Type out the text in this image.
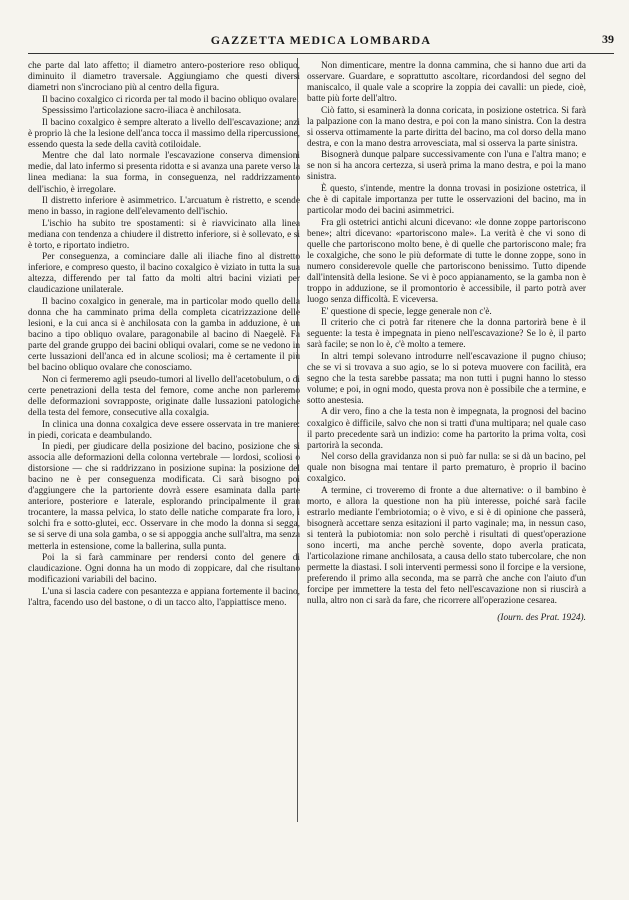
GAZZETTA MEDICA LOMBARDA	39

che parte dal lato affetto; il diametro antero-posteriore reso obliquo, diminuito il diametro traversale. Aggiungiamo che questi diversi diametri non s'incrociano più al centro della figura.

Il bacino coxalgico ci ricorda per tal modo il bacino obliquo ovalare.

Spessissimo l'articolazione sacro-iliaca è anchilosata.

Il bacino coxalgico è sempre alterato a livello dell'escavazione; anzi è proprio là che la lesione dell'anca tocca il massimo della ripercussione, essendo questa la sede della cavità cotiloidale.

Mentre che dal lato normale l'escavazione conserva dimensioni medie, dal lato infermo si presenta ridotta e si avanza una parete verso la linea mediana: la sua forma, in conseguenza, nel raddrizzamento dell'ischio, è irregolare.

Il distretto inferiore è asimmetrico. L'arcuatum è ristretto, e scende meno in basso, in ragione dell'elevamento dell'ischio.

L'ischio ha subito tre spostamenti: si è riavvicinato alla linea mediana con tendenza a chiudere il distretto inferiore, si è sollevato, e si è torto, e riportato indietro.

Per conseguenza, a cominciare dalle ali iliache fino al distretto inferiore, e compreso questo, il bacino coxalgico è viziato in tutta la sua altezza, differendo per tal fatto da molti altri bacini viziati per claudicazione unilaterale.

Il bacino coxalgico in generale, ma in particolar modo quello della donna che ha camminato prima della completa cicatrizzazione delle lesioni, e la cui anca si è anchilosata con la gamba in adduzione, è un bacino a tipo obliquo ovalare, paragonabile al bacino di Naegelè. Fa parte del grande gruppo dei bacini obliqui ovalari, come se ne vedono in certe lussazioni dell'anca ed in alcune scoliosi; ma è certamente il più bel bacino obliquo ovalare che conosciamo.

Non ci fermeremo agli pseudo-tumori al livello dell'acetobulum, o di certe penetrazioni della testa del femore, come anche non parleremo delle deformazioni sovrapposte, originate dalle lussazioni patologiche della testa del femore, consecutive alla coxalgia.

In clinica una donna coxalgica deve essere osservata in tre maniere: in piedi, coricata e deambulando.

In piedi, per giudicare della posizione del bacino, posizione che si associa alle deformazioni della colonna vertebrale — lordosi, scoliosi o distorsione — che si raddrizzano in posizione supina: la posizione del bacino ne è per conseguenza modificata. Ci sarà bisogno poi d'aggiungere che la partoriente dovrà essere esaminata dalla parte anteriore, posteriore e laterale, esplorando principalmente il gran trocantere, la massa pelvica, lo stato delle natiche comparate fra loro, i solchi fra e sotto-glutei, ecc. Osservare in che modo la donna si segga, se si serve di una sola gamba, o se si appoggia anche sull'altra, ma senza metterla in estensione, come la ballerina, sulla punta.

Poi la si farà camminare per rendersi conto del genere di claudicazione. Ogni donna ha un modo di zoppicare, dal che risultano modificazioni variabili del bacino.

L'una si lascia cadere con pesantezza e appiana fortemente il bacino, l'altra, facendo uso del bastone, o di un tacco alto, l'appiattisce meno.

Non dimenticare, mentre la donna cammina, che si hanno due arti da osservare. Guardare, e soprattutto ascoltare, ricordandosi del segno del maniscalco, il quale vale a scoprire la zoppia dei cavalli: un piede, cioè, batte più forte dell'altro.

Ciò fatto, si esaminerà la donna coricata, in posizione ostetrica. Si farà la palpazione con la mano destra, e poi con la mano sinistra. Con la destra si osserva ottimamente la parte diritta del bacino, ma col dorso della mano destra, e con la mano destra arrovesciata, mal si osserva la parte sinistra.

Bisognerà dunque palpare successivamente con l'una e l'altra mano; e se non si ha ancora certezza, si userà prima la mano destra, e poi la mano sinistra.

È questo, s'intende, mentre la donna trovasi in posizione ostetrica, il che è di capitale importanza per tutte le osservazioni del bacino, ma in particolar modo dei bacini asimmetrici.

Fra gli ostetrici antichi alcuni dicevano: «le donne zoppe partoriscono bene»; altri dicevano: «partoriscono male». La verità è che vi sono di quelle che partoriscono molto bene, è di quelle che partoriscono male; fra le coxalgiche, che sono le più deformate di tutte le donne zoppe, sono in numero considerevole quelle che partoriscono benissimo. Tutto dipende dall'intensità della lesione. Se vi è poco appianamento, se la gamba non è troppo in adduzione, se il promontorio è accessibile, il parto potrà aver luogo senza difficoltà. E viceversa.

E' questione di specie, legge generale non c'è.

Il criterio che ci potrà far ritenere che la donna partorirà bene è il seguente: la testa è impegnata in pieno nell'escavazione? Se lo è, il parto sarà facile; se non lo è, c'è molto a temere.

In altri tempi solevano introdurre nell'escavazione il pugno chiuso; che se vi si trovava a suo agio, se lo si poteva muovere con facilità, era segno che la testa sarebbe passata; ma non tutti i pugni hanno lo stesso volume; e poi, in ogni modo, questa prova non è possibile che a termine, e sotto anestesia.

A dir vero, fino a che la testa non è impegnata, la prognosi del bacino coxalgico è difficile, salvo che non si tratti d'una multipara; nel quale caso il parto precedente sarà un indizio: come ha partorito la prima volta, così partorirà la seconda.

Nel corso della gravidanza non si può far nulla: se si dà un bacino, pel quale non bisogna mai tentare il parto prematuro, è proprio il bacino coxalgico.

A termine, ci troveremo di fronte a due alternative: o il bambino è morto, e allora la questione non ha più interesse, poiché sarà facile estrarlo mediante l'embriotomia; o è vivo, e si è di opinione che passerà, bisognerà accettare senza esitazioni il parto vaginale; ma, in nessun caso, si tenterà la pubiotomia: non solo perchè i risultati di quest'operazione sono incerti, ma anche perchè sovente, dopo averla praticata, l'articolazione rimane anchilosata, a causa dello stato tubercolare, che non permette la diastasi. I soli interventi permessi sono il forcipe e la versione, preferendo il primo alla seconda, ma se parrà che anche con l'aiuto d'un forcipe per immettere la testa del feto nell'escavazione non si riuscirà a nulla, altro non ci sarà da fare, che ricorrere all'operazione cesarea.

(Iourn. des Prat. 1924).
